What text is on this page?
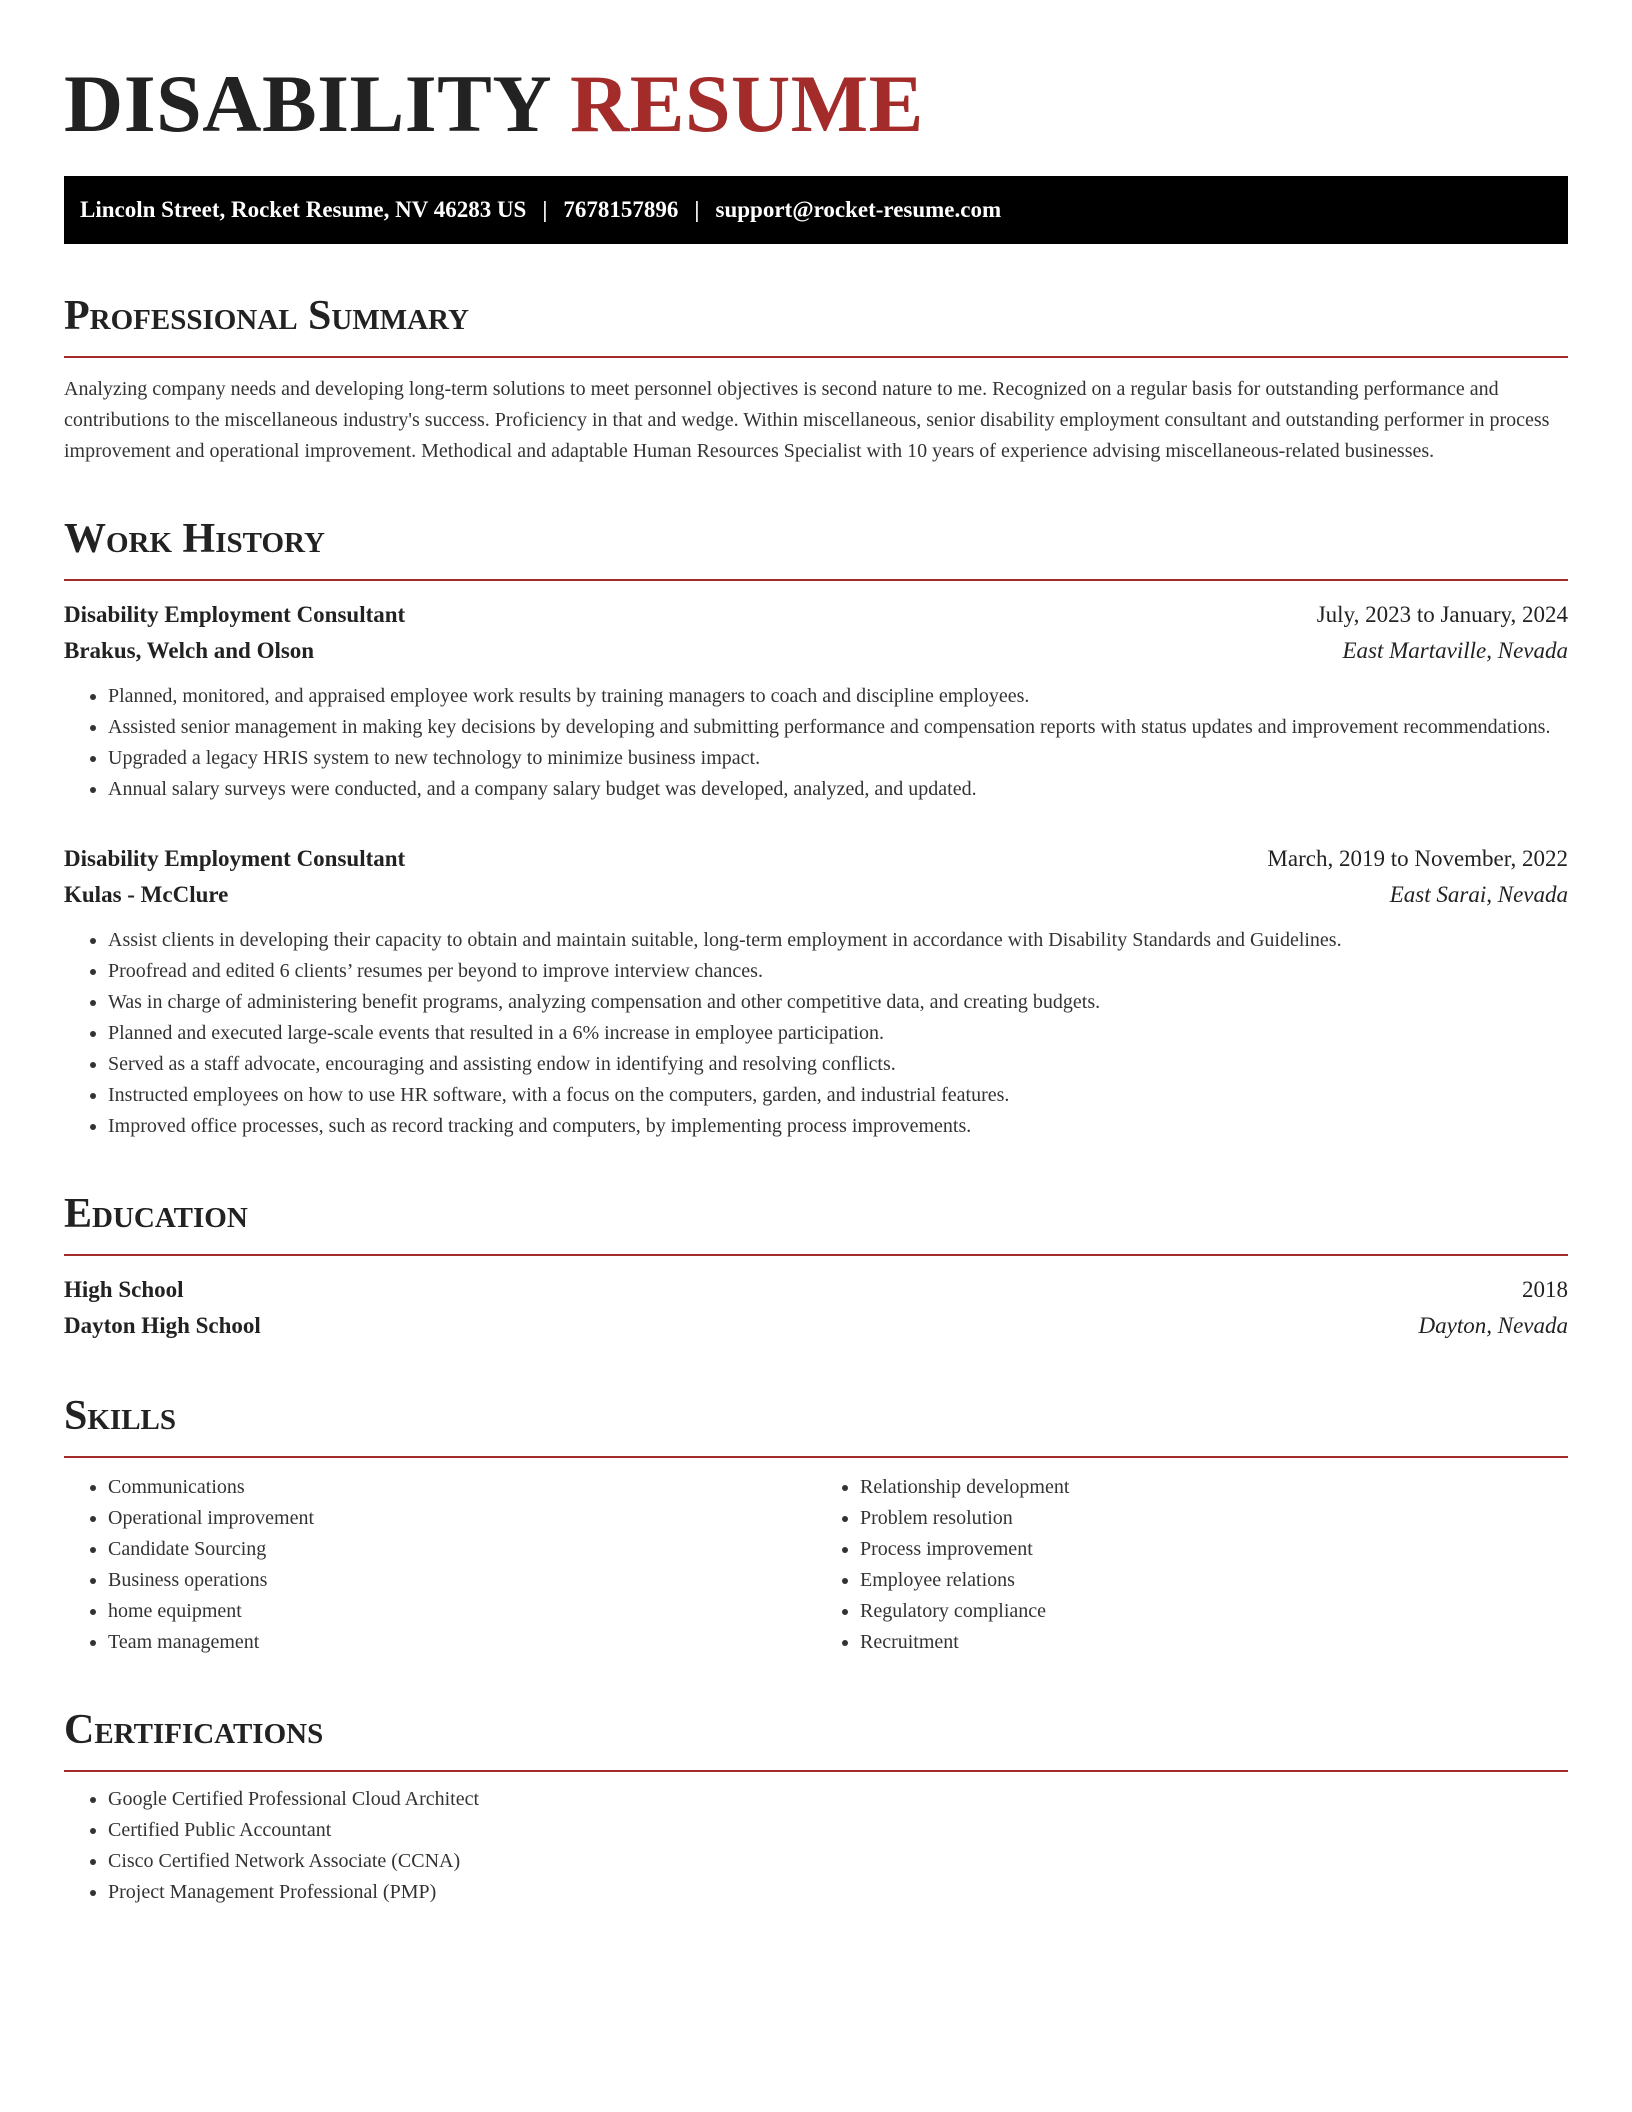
DISABILITY RESUME
Lincoln Street, Rocket Resume, NV 46283 US | 7678157896 | support@rocket-resume.com
Professional Summary

Analyzing company needs and developing long-term solutions to meet personnel objectives is second nature to me. Recognized on a regular basis for outstanding performance and contributions to the miscellaneous industry's success. Proficiency in that and wedge. Within miscellaneous, senior disability employment consultant and outstanding performer in process improvement and operational improvement. Methodical and adaptable Human Resources Specialist with 10 years of experience advising miscellaneous-related businesses.

Work History
Disability Employment Consultant	July, 2023 to January, 2024
Brakus, Welch and Olson	East Martaville, Nevada
• Planned, monitored, and appraised employee work results by training managers to coach and discipline employees.
• Assisted senior management in making key decisions by developing and submitting performance and compensation reports with status updates and improvement recommendations.
• Upgraded a legacy HRIS system to new technology to minimize business impact.
• Annual salary surveys were conducted, and a company salary budget was developed, analyzed, and updated.
Disability Employment Consultant	March, 2019 to November, 2022
Kulas - McClure	East Sarai, Nevada
• Assist clients in developing their capacity to obtain and maintain suitable, long-term employment in accordance with Disability Standards and Guidelines.
• Proofread and edited 6 clients’ resumes per beyond to improve interview chances.
• Was in charge of administering benefit programs, analyzing compensation and other competitive data, and creating budgets.
• Planned and executed large-scale events that resulted in a 6% increase in employee participation.
• Served as a staff advocate, encouraging and assisting endow in identifying and resolving conflicts.
• Instructed employees on how to use HR software, with a focus on the computers, garden, and industrial features.
• Improved office processes, such as record tracking and computers, by implementing process improvements.
Education
High School	2018
Dayton High School	Dayton, Nevada
Skills
• Communications
• Operational improvement
• Candidate Sourcing
• Business operations
• home equipment
• Team management
• Relationship development
• Problem resolution
• Process improvement
• Employee relations
• Regulatory compliance
• Recruitment
Certifications
• Google Certified Professional Cloud Architect
• Certified Public Accountant
• Cisco Certified Network Associate (CCNA)
• Project Management Professional (PMP)
